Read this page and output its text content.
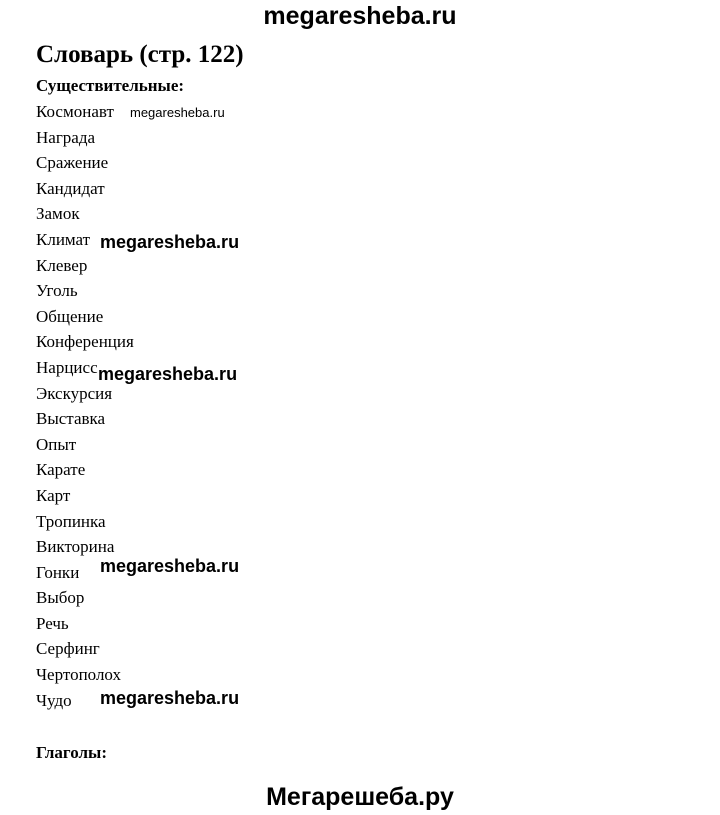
megaresheba.ru
Словарь (стр. 122)
Существительные:
Космонавт
Награда
Сражение
Кандидат
Замок
Климат
Клевер
Уголь
Общение
Конференция
Нарцисс
Экскурсия
Выставка
Опыт
Карате
Карт
Тропинка
Викторина
Гонки
Выбор
Речь
Серфинг
Чертополох
Чудо
megaresheba.ru
megaresheba.ru
megaresheba.ru
megaresheba.ru
megaresheba.ru
Глаголы:
Мегарешеба.ру
